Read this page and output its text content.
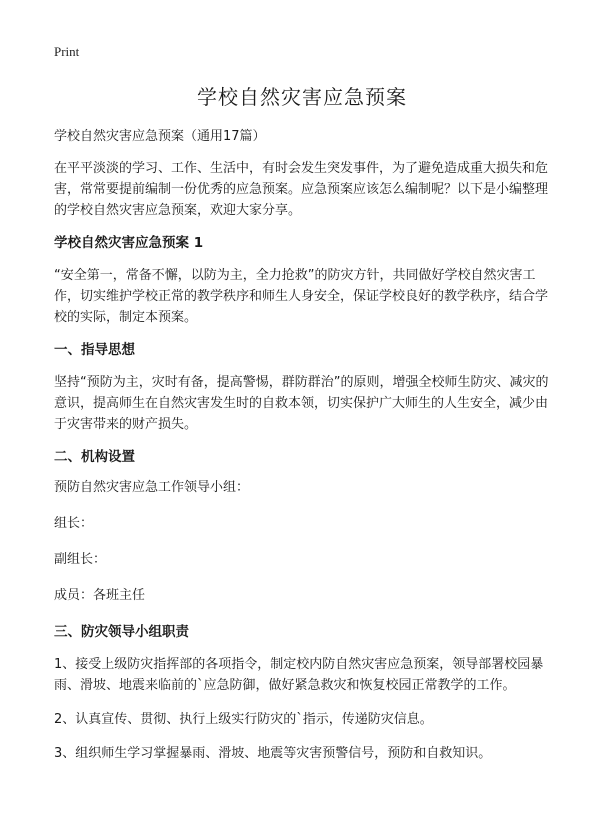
Print
学校自然灾害应急预案
学校自然灾害应急预案（通用17篇）

在平平淡淡的学习、工作、生活中，有时会发生突发事件，为了避免造成重大损失和危害，常常要提前编制一份优秀的应急预案。应急预案应该怎么编制呢？以下是小编整理的学校自然灾害应急预案，欢迎大家分享。

学校自然灾害应急预案 1

“安全第一，常备不懈，以防为主，全力抢救”的防灾方针，共同做好学校自然灾害工作，切实维护学校正常的教学秩序和师生人身安全，保证学校良好的教学秩序，结合学校的实际，制定本预案。

一、指导思想

坚持“预防为主，灾时有备，提高警惕，群防群治”的原则，增强全校师生防灾、减灾的意识，提高师生在自然灾害发生时的自救本领，切实保护广大师生的人生安全，减少由于灾害带来的财产损失。

二、机构设置

预防自然灾害应急工作领导小组：

组长：

副组长：

成员：各班主任

三、防灾领导小组职责

1、接受上级防灾指挥部的各项指令，制定校内防自然灾害应急预案，领导部署校园暴雨、滑坡、地震来临前的`应急防御，做好紧急救灾和恢复校园正常教学的工作。

2、认真宣传、贯彻、执行上级实行防灾的`指示，传递防灾信息。

3、组织师生学习掌握暴雨、滑坡、地震等灾害预警信号，预防和自救知识。
